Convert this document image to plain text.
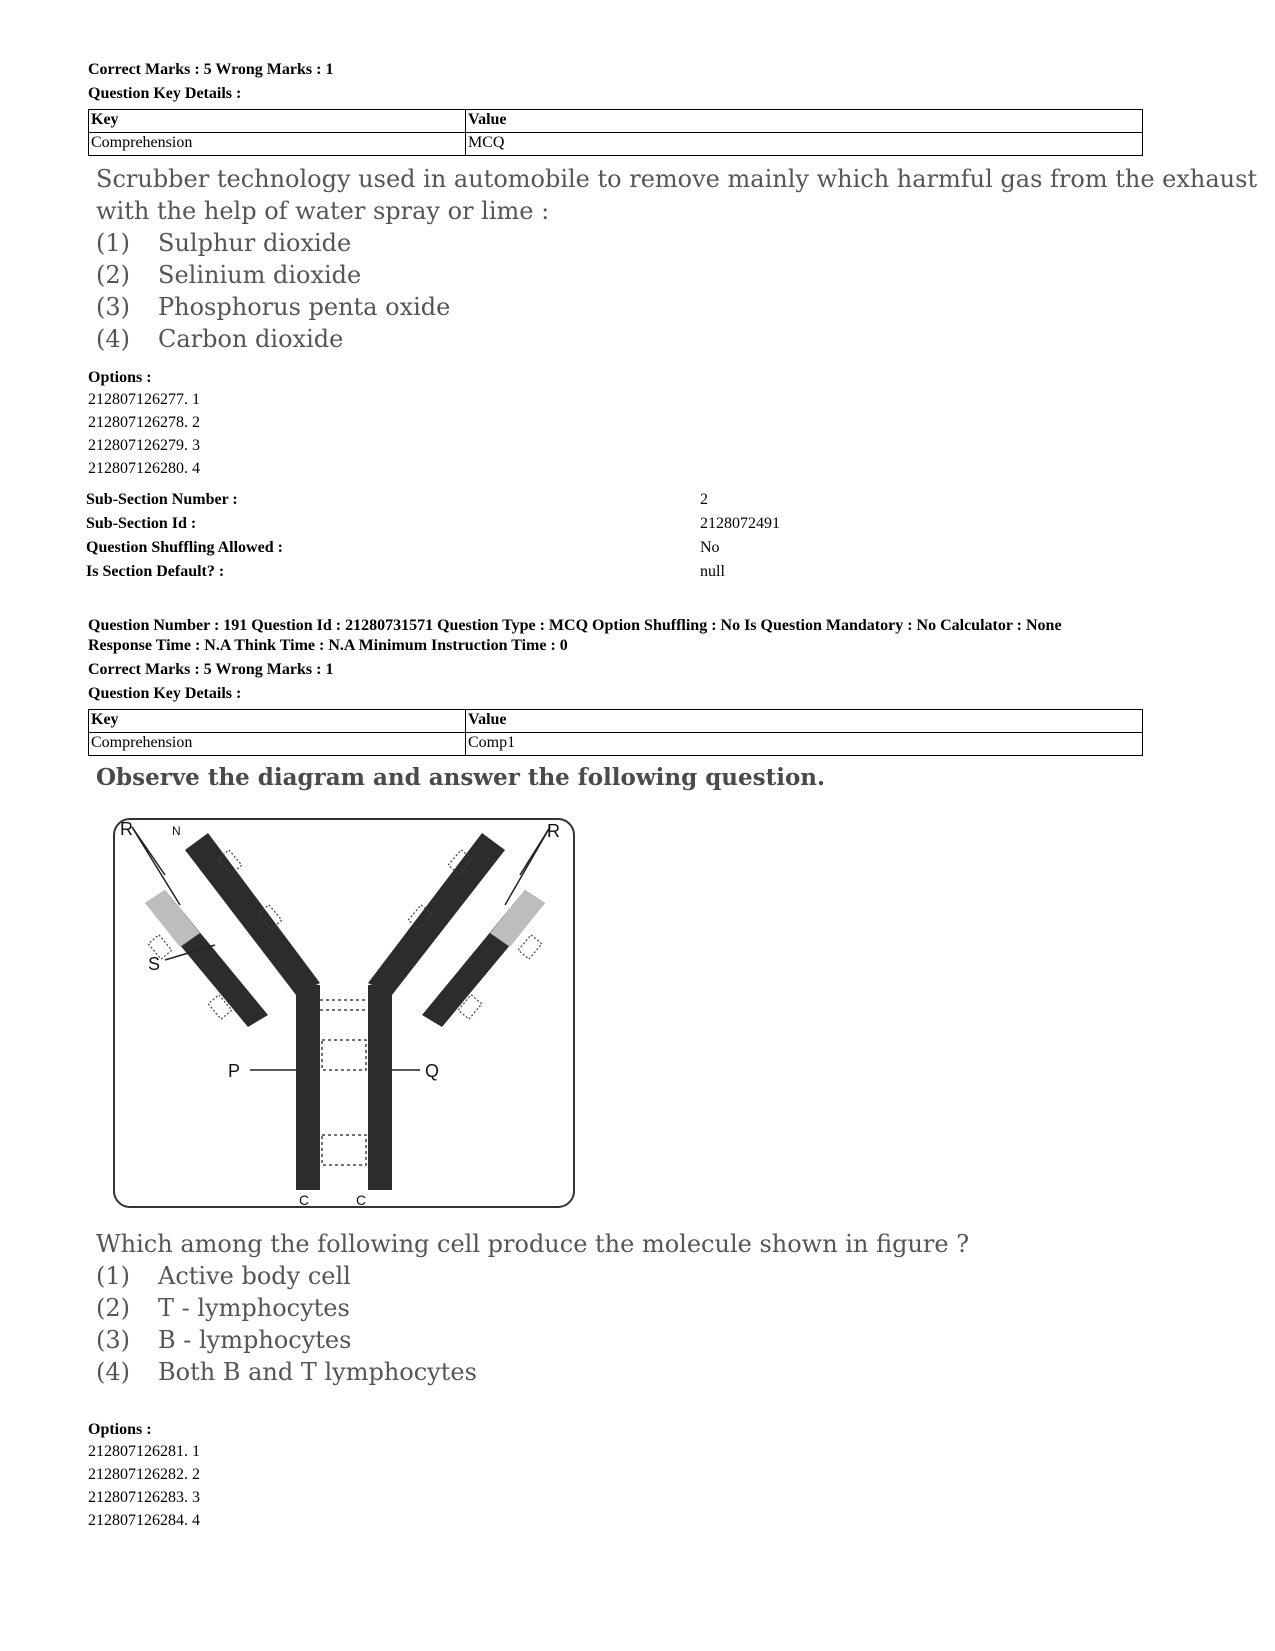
Correct Marks : 5 Wrong Marks : 1
Question Key Details :
Key	Value
Comprehension	MCQ
Scrubber technology used in automobile to remove mainly which harmful gas from the exhaust
with the help of water spray or lime :
(1)	Sulphur dioxide
(2)	Selinium dioxide
(3)	Phosphorus penta oxide
(4)	Carbon dioxide
Options :
212807126277. 1
212807126278. 2
212807126279. 3
212807126280. 4
Sub-Section Number :	2
Sub-Section Id :	2128072491
Question Shuffling Allowed :	No
Is Section Default? :	null
Question Number : 191 Question Id : 21280731571 Question Type : MCQ Option Shuffling : No Is Question Mandatory : No Calculator : None
Response Time : N.A Think Time : N.A Minimum Instruction Time : 0
Correct Marks : 5 Wrong Marks : 1
Question Key Details :
Key	Value
Comprehension	Comp1
Observe the diagram and answer the following question.
R	R
N
S
P	Q
C	C
Which among the following cell produce the molecule shown in figure ?
(1)	Active body cell
(2)	T - lymphocytes
(3)	B - lymphocytes
(4)	Both B and T lymphocytes
Options :
212807126281. 1
212807126282. 2
212807126283. 3
212807126284. 4
